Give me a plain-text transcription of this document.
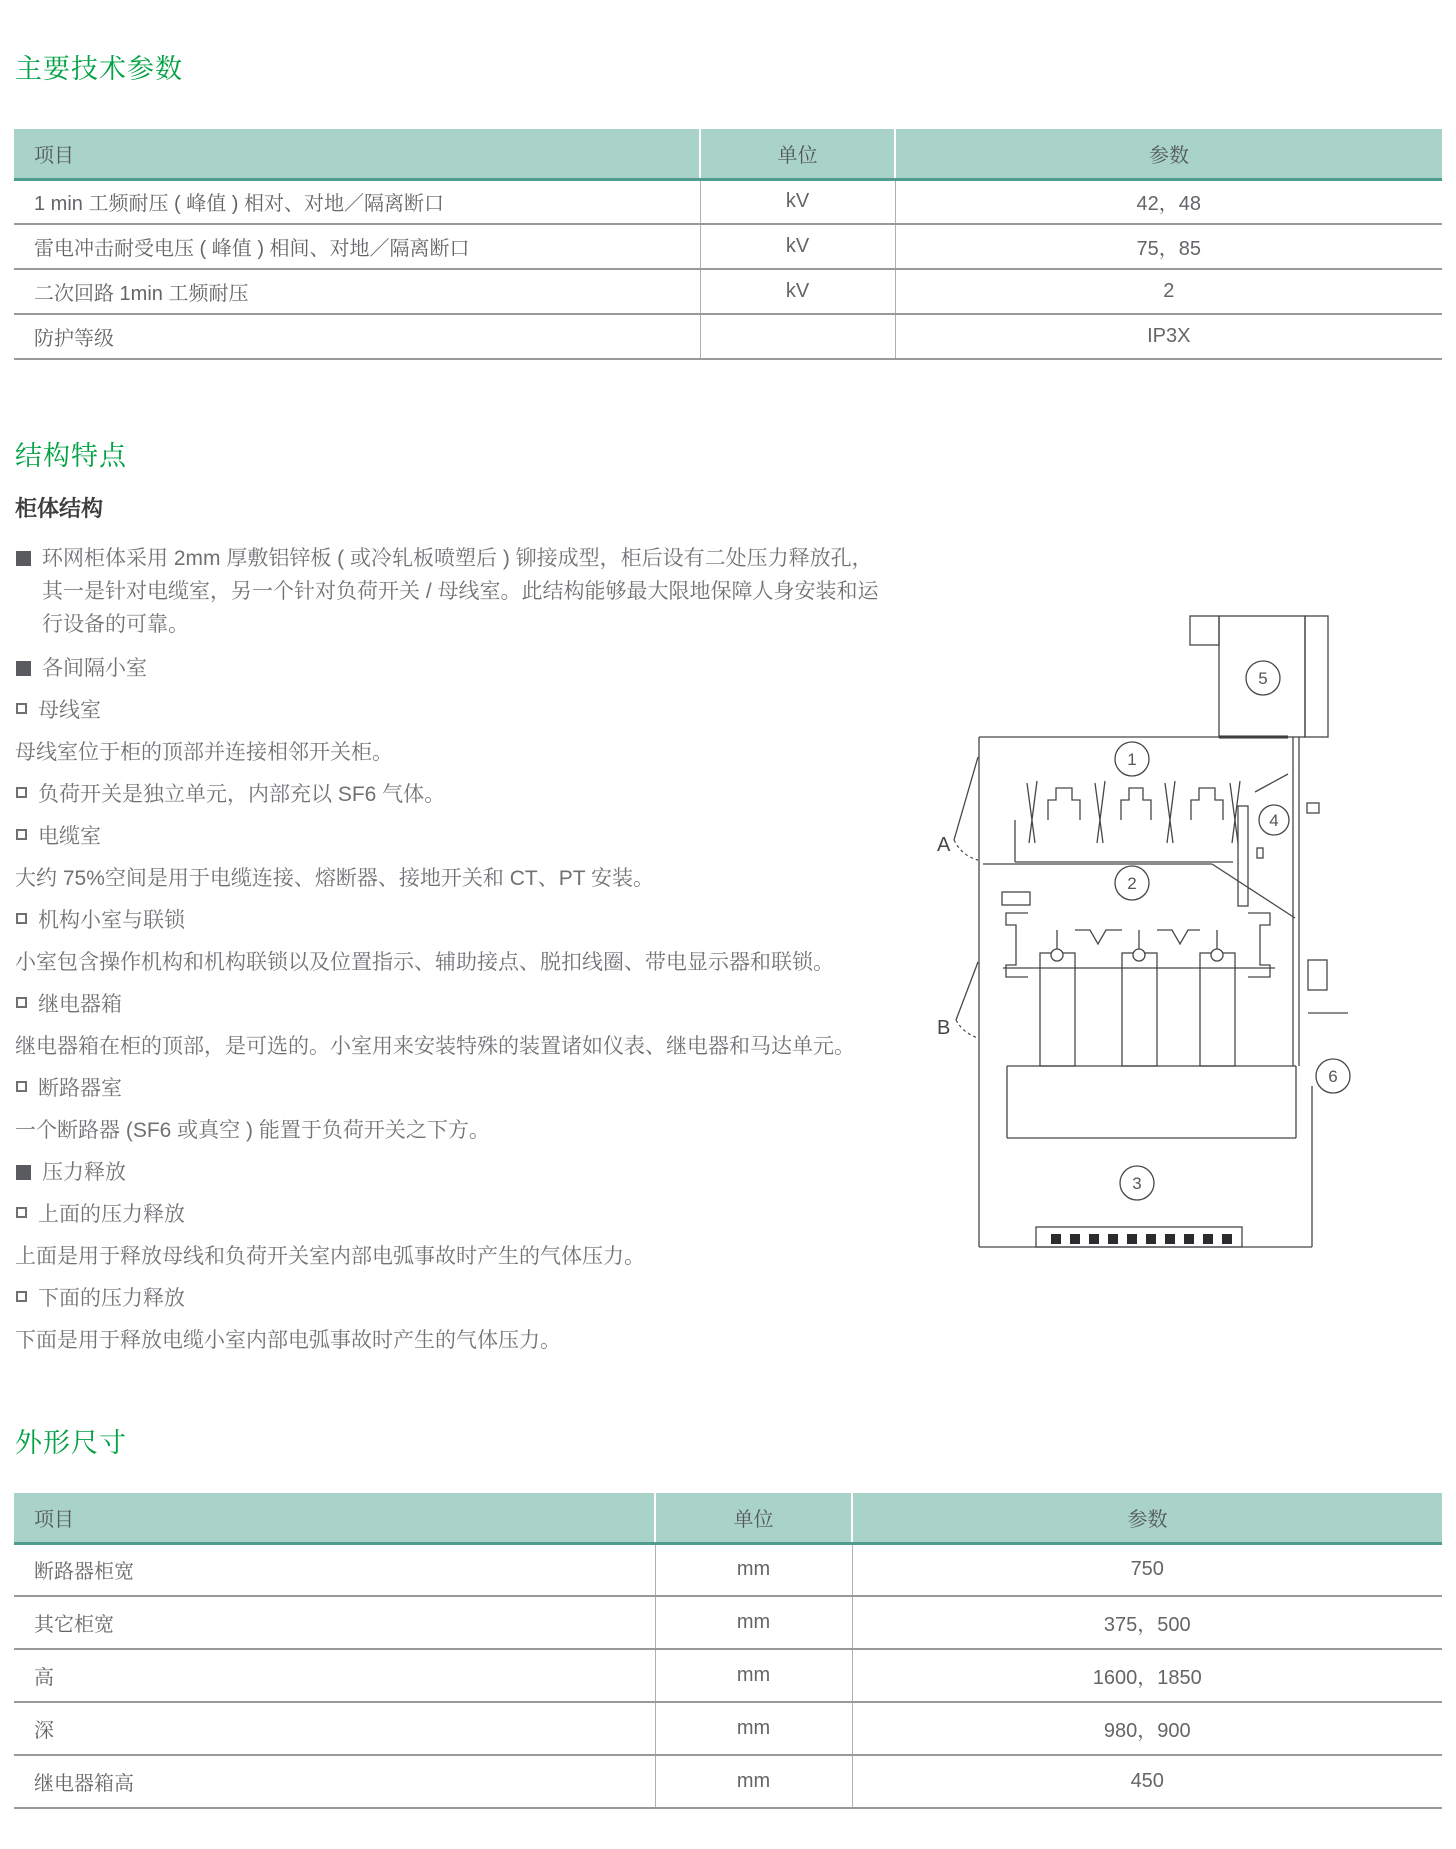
主要技术参数
项目	单位	参数
1 min 工频耐压 ( 峰值 ) 相对、对地／隔离断口	kV	42，48
雷电冲击耐受电压 ( 峰值 ) 相间、对地／隔离断口	kV	75，85
二次回路 1min 工频耐压	kV	2
防护等级		IP3X
结构特点
柜体结构
环网柜体采用 2mm 厚敷铝锌板 ( 或冷轧板喷塑后 ) 铆接成型，柜后设有二处压力释放孔，其一是针对电缆室，另一个针对负荷开关 / 母线室。此结构能够最大限地保障人身安装和运行设备的可靠。
各间隔小室
母线室
母线室位于柜的顶部并连接相邻开关柜。
负荷开关是独立单元，内部充以 SF6 气体。
电缆室
大约 75%空间是用于电缆连接、熔断器、接地开关和 CT、PT 安装。
机构小室与联锁
小室包含操作机构和机构联锁以及位置指示、辅助接点、脱扣线圈、带电显示器和联锁。
继电器箱
继电器箱在柜的顶部，是可选的。小室用来安装特殊的装置诸如仪表、继电器和马达单元。
断路器室
一个断路器 (SF6 或真空 ) 能置于负荷开关之下方。
压力释放
上面的压力释放
上面是用于释放母线和负荷开关室内部电弧事故时产生的气体压力。
下面的压力释放
下面是用于释放电缆小室内部电弧事故时产生的气体压力。
A
B
1
2
3
4
5
6
外形尺寸
项目	单位	参数
断路器柜宽	mm	750
其它柜宽	mm	375，500
高	mm	1600，1850
深	mm	980，900
继电器箱高	mm	450
